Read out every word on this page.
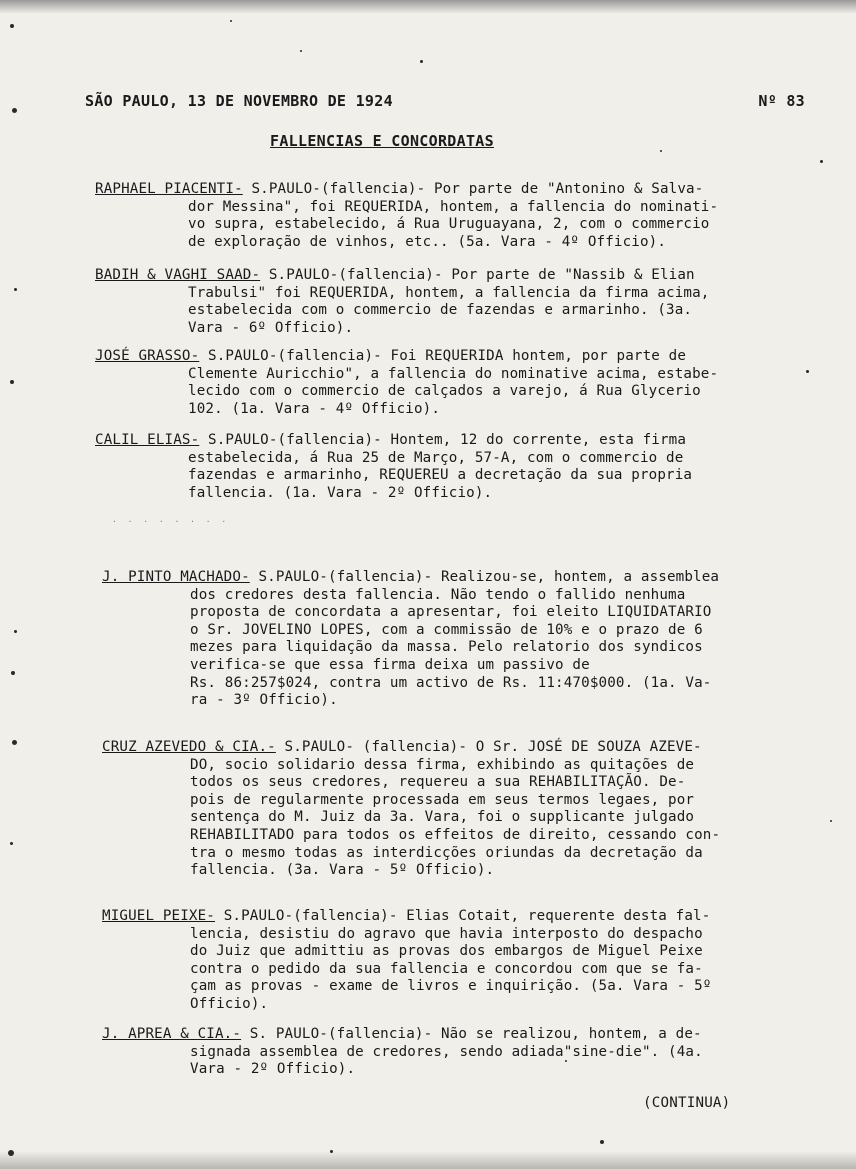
SÃO PAULO, 13 DE NOVEMBRO DE 1924	Nº 83
FALLENCIAS E CONCORDATAS
RAPHAEL PIACENTI- S.PAULO-(fallencia)- Por parte de "Antonino & Salva-
dor Messina", foi REQUERIDA, hontem, a fallencia do nominati-
vo supra, estabelecido, á Rua Uruguayana, 2, com o commercio
de exploração de vinhos, etc.. (5a. Vara - 4º Officio).
BADIH & VAGHI SAAD- S.PAULO-(fallencia)- Por parte de "Nassib & Elian
Trabulsi" foi REQUERIDA, hontem, a fallencia da firma acima,
estabelecida com o commercio de fazendas e armarinho. (3a.
Vara - 6º Officio).
JOSÉ GRASSO- S.PAULO-(fallencia)- Foi REQUERIDA hontem, por parte de
Clemente Auricchio", a fallencia do nominative acima, estabe-
lecido com o commercio de calçados a varejo, á Rua Glycerio
102. (1a. Vara - 4º Officio).
CALIL ELIAS- S.PAULO-(fallencia)- Hontem, 12 do corrente, esta firma
estabelecida, á Rua 25 de Março, 57-A, com o commercio de
fazendas e armarinho, REQUEREU a decretação da sua propria
fallencia. (1a. Vara - 2º Officio).
J. PINTO MACHADO- S.PAULO-(fallencia)- Realizou-se, hontem, a assemblea
dos credores desta fallencia. Não tendo o fallido nenhuma
proposta de concordata a apresentar, foi eleito LIQUIDATARIO
o Sr. JOVELINO LOPES, com a commissão de 10% e o prazo de 6
mezes para liquidação da massa. Pelo relatorio dos syndicos
verifica-se que essa firma deixa um passivo de
Rs. 86:257$024, contra um activo de Rs. 11:470$000. (1a. Va-
ra - 3º Officio).
CRUZ AZEVEDO & CIA.- S.PAULO- (fallencia)- O Sr. JOSÉ DE SOUZA AZEVE-
DO, socio solidario dessa firma, exhibindo as quitações de
todos os seus credores, requereu a sua REHABILITAÇÃO. De-
pois de regularmente processada em seus termos legaes, por
sentença do M. Juiz da 3a. Vara, foi o supplicante julgado
REHABILITADO para todos os effeitos de direito, cessando con-
tra o mesmo todas as interdicções oriundas da decretação da
fallencia. (3a. Vara - 5º Officio).
MIGUEL PEIXE- S.PAULO-(fallencia)- Elias Cotait, requerente desta fal-
lencia, desistiu do agravo que havia interposto do despacho
do Juiz que admittiu as provas dos embargos de Miguel Peixe
contra o pedido da sua fallencia e concordou com que se fa-
çam as provas - exame de livros e inquirição. (5a. Vara - 5º
Officio).
J. APREA & CIA.- S. PAULO-(fallencia)- Não se realizou, hontem, a de-
signada assemblea de credores, sendo adiada"sine-die". (4a.
Vara - 2º Officio).
· · · · · · · ·
(CONTINUA)
